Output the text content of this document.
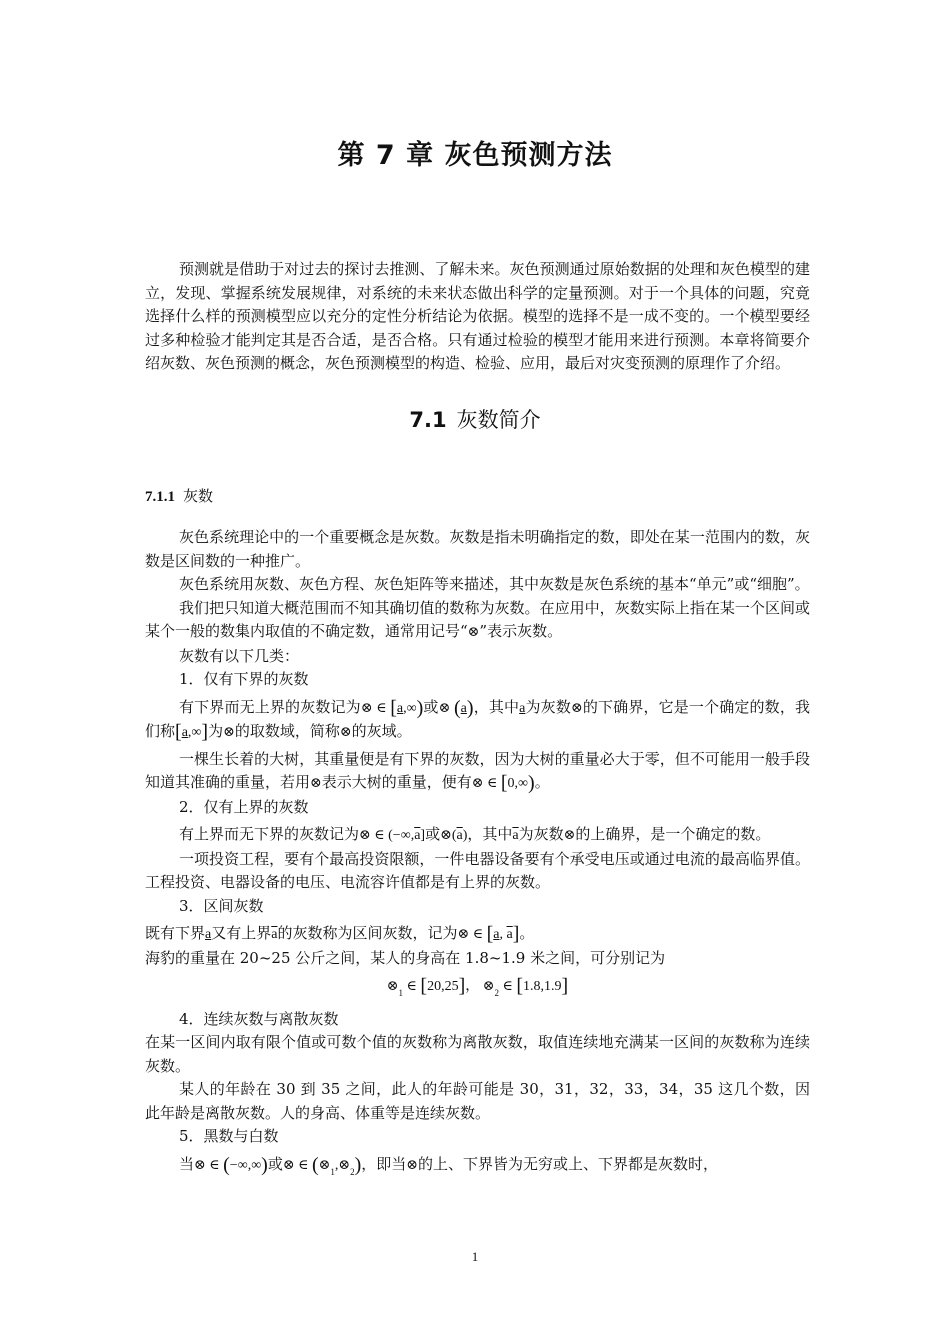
第 7 章 灰色预测方法

预测就是借助于对过去的探讨去推测、了解未来。灰色预测通过原始数据的处理和灰色模型的建立，发现、掌握系统发展规律，对系统的未来状态做出科学的定量预测。对于一个具体的问题，究竟选择什么样的预测模型应以充分的定性分析结论为依据。模型的选择不是一成不变的。一个模型要经过多种检验才能判定其是否合适，是否合格。只有通过检验的模型才能用来进行预测。本章将简要介绍灰数、灰色预测的概念，灰色预测模型的构造、检验、应用，最后对灾变预测的原理作了介绍。

7.1 灰数简介
7.1.1 灰数

灰色系统理论中的一个重要概念是灰数。灰数是指未明确指定的数，即处在某一范围内的数，灰数是区间数的一种推广。

灰色系统用灰数、灰色方程、灰色矩阵等来描述，其中灰数是灰色系统的基本“单元”或“细胞”。

我们把只知道大概范围而不知其确切值的数称为灰数。在应用中，灰数实际上指在某一个区间或某个一般的数集内取值的不确定数，通常用记号“⊗”表示灰数。

灰数有以下几类：

1．仅有下界的灰数

有下界而无上界的灰数记为⊗ ∈ [a,∞)或⊗ (a)，其中a为灰数⊗的下确界，它是一个确定的数，我们称[a,∞]为⊗的取数域，简称⊗的灰域。

一棵生长着的大树，其重量便是有下界的灰数，因为大树的重量必大于零，但不可能用一般手段知道其准确的重量，若用⊗表示大树的重量，便有⊗ ∈ [0,∞)。

2．仅有上界的灰数

有上界而无下界的灰数记为⊗ ∈ $(-\infty,\overline{a}]$或$\otimes(\overline{a})$，其中$\overline{a}$为灰数⊗的上确界，是一个确定的数。

一项投资工程，要有个最高投资限额，一件电器设备要有个承受电压或通过电流的最高临界值。工程投资、电器设备的电压、电流容许值都是有上界的灰数。

3．区间灰数

既有下界a又有上界$\overline{a}$的灰数称为区间灰数，记为⊗ ∈ [a, $\overline{a}$]。

海豹的重量在 20~25 公斤之间，某人的身高在 1.8~1.9 米之间，可分别记为

$\otimes_1$ ∈ [20,25]， $\otimes_2$ ∈ [1.8,1.9]

4．连续灰数与离散灰数

在某一区间内取有限个值或可数个值的灰数称为离散灰数，取值连续地充满某一区间的灰数称为连续灰数。

某人的年龄在 30 到 35 之间，此人的年龄可能是 30，31，32，33，34，35 这几个数，因此年龄是离散灰数。人的身高、体重等是连续灰数。

5．黑数与白数

当⊗ ∈ (−∞,∞)或⊗ ∈ $(\otimes_1,\otimes_2)$，即当⊗的上、下界皆为无穷或上、下界都是灰数时，

1
